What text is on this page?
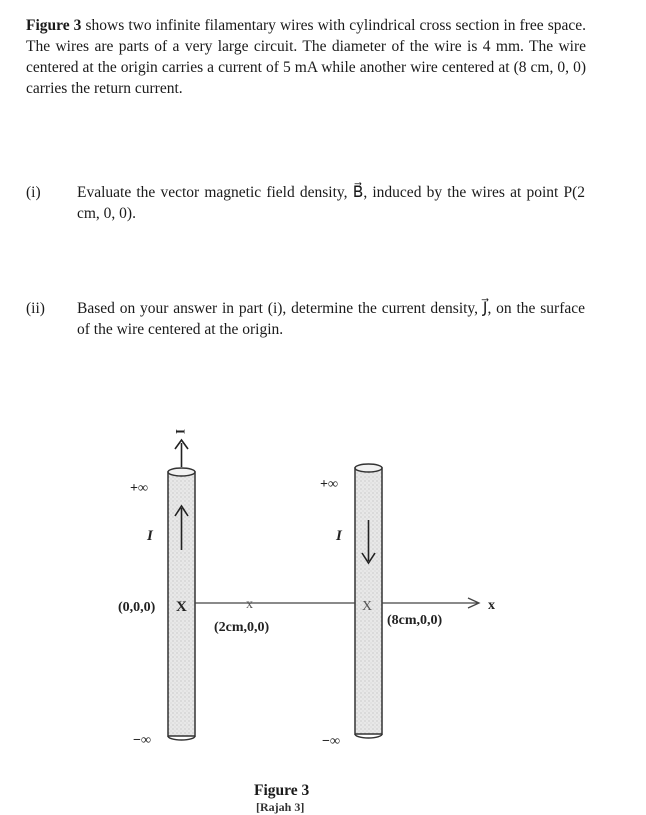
Figure 3 shows two infinite filamentary wires with cylindrical cross section in free space. The wires are parts of a very large circuit. The diameter of the wire is 4 mm. The wire centered at the origin carries a current of 5 mA while another wire centered at (8 cm, 0, 0) carries the return current.
(i) Evaluate the vector magnetic field density, B⃗, induced by the wires at point P(2 cm, 0, 0).
(ii) Based on your answer in part (i), determine the current density, J⃗, on the surface of the wire centered at the origin.
I
+∞
I
(0,0,0) X
−∞
x
(2cm,0,0)
+∞
I
X
(8cm,0,0)
−∞
x
Figure 3
[Rajah 3]
